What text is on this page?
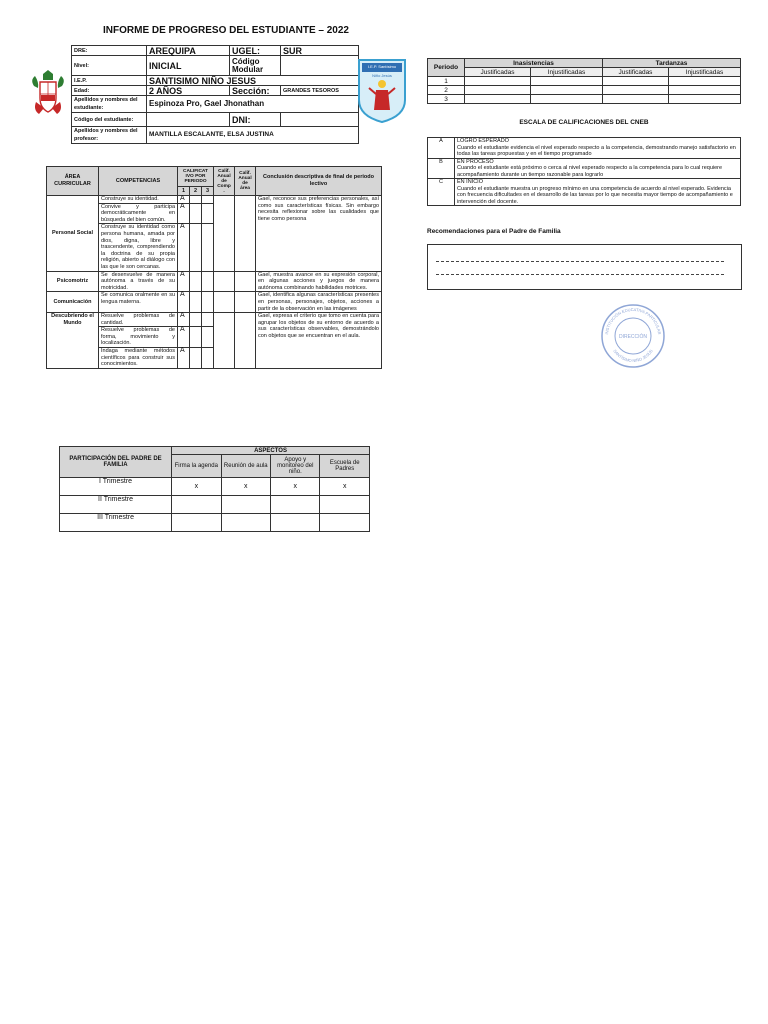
INFORME DE PROGRESO DEL ESTUDIANTE – 2022
DRE:	AREQUIPA	UGEL:	SUR
Nivel:	INICIAL	Código Modular	
I.E.P.	SANTISIMO NIÑO JESUS		
Edad:	2 AÑOS	Sección:	GRANDES TESOROS
Apellidos y nombres del estudiante:	Espinoza Pro, Gael Jhonathan		
Código del estudiante:		DNI:	
Apellidos y nombres del profesor:	MANTILLA ESCALANTE, ELSA JUSTINA		
I.E.P. Santísimo
Niño Jesús
Periodo	Inasistencias		Tardanzas	
	Justificadas	Injustificadas	Justificadas	Injustificadas
1				
2				
3				
ESCALA DE CALIFICACIONES DEL CNEB
A	LOGRO ESPERADO
Cuando el estudiante evidencia el nivel esperado respecto a la competencia, demostrando manejo satisfactorio en todas las tareas propuestas y en el tiempo programado

B	EN PROCESO
Cuando el estudiante está próximo o cerca al nivel esperado respecto a la competencia para lo cual requiere acompañamiento durante un tiempo razonable para lograrlo

C	EN INICIO
Cuando el estudiante muestra un progreso mínimo en una competencia de acuerdo al nivel esperado. Evidencia con frecuencia dificultades en el desarrollo de las tareas por lo que necesita mayor tiempo de acompañamiento e intervención del docente.
Recomendaciones para el Padre de Familia
INSTITUCIÓN EDUCATIVA PARTICULAR
SANTÍSIMO NIÑO JESÚS
DIRECCIÓN
ÁREA CURRICULAR	COMPETENCIAS	CALIFICAT IVO POR PERIODO			Calif. Anual de Comp .	Calif. Anual de área	Conclusión descriptiva de final de periodo lectivo
		1	2	3			
Personal Social	Construye su identidad.	A					Gael, reconoce sus preferencias personales, así como sus características físicas. Sin embargo necesita reflexionar sobre las cualidades que tiene como persona
	Convive y participa democráticamente en búsqueda del bien común.	A					
	Construye su identidad como persona humana, amada por dios, digna, libre y trascendente, comprendiendo la doctrina de su propia religión, abierto al diálogo con las que le son cercanas.	A					
Psicomotriz	Se desenvuelve de manera autónoma a través de su motricidad.	A					Gael, muestra avance en su expresión corporal, en algunas acciones y juegos de manera autónoma combinando habilidades motrices.
Comunicación	Se comunica oralmente en su lengua materna.	A					Gael, identifica algunas características presentes en personas, personajes, objetos, acciones a partir de la observación en las imágenes
Descubriendo el Mundo	Resuelve problemas de cantidad.	A					Gael, expresa el criterio que tomo en cuenta para agrupar los objetos de su entorno de acuerdo a sus características observables, demostrándolo con objetos que se encuentran en el aula.
	Resuelve problemas de forma, movimiento y localización.	A					
	Indaga mediante métodos científicos para construir sus conocimientos.	A					
PARTICIPACIÓN DEL PADRE DE FAMILIA	ASPECTOS			
	Firma la agenda	Reunión de aula	Apoyo y monitoreo del niño.	Escuela de Padres
I Trimestre	x	x	x	x
II Trimestre				
III Trimestre				
